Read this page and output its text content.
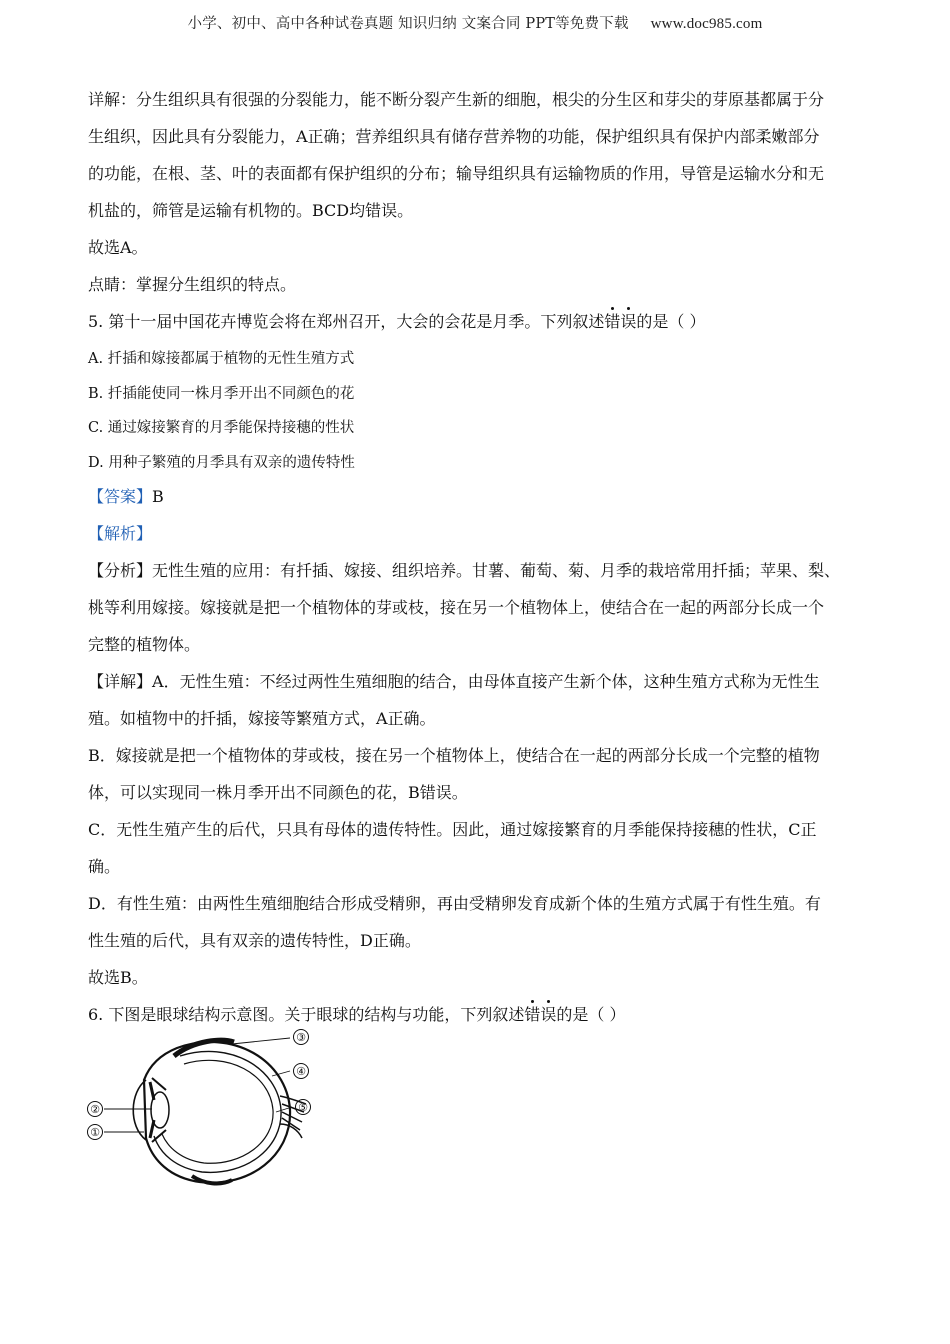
小学、初中、高中各种试卷真题 知识归纳 文案合同 PPT等免费下载 www.doc985.com
详解：分生组织具有很强的分裂能力，能不断分裂产生新的细胞，根尖的分生区和芽尖的芽原基都属于分
生组织，因此具有分裂能力，A正确；营养组织具有储存营养物的功能，保护组织具有保护内部柔嫩部分
的功能，在根、茎、叶的表面都有保护组织的分布；输导组织具有运输物质的作用，导管是运输水分和无
机盐的，筛管是运输有机物的。BCD均错误。
故选A。
点睛：掌握分生组织的特点。
5. 第十一届中国花卉博览会将在郑州召开，大会的会花是月季。下列叙述错误的是（ ）
A. 扦插和嫁接都属于植物的无性生殖方式
B. 扦插能使同一株月季开出不同颜色的花
C. 通过嫁接繁育的月季能保持接穗的性状
D. 用种子繁殖的月季具有双亲的遗传特性
【答案】B
【解析】
【分析】无性生殖的应用：有扦插、嫁接、组织培养。甘薯、葡萄、菊、月季的栽培常用扦插；苹果、梨、
桃等利用嫁接。嫁接就是把一个植物体的芽或枝，接在另一个植物体上，使结合在一起的两部分长成一个
完整的植物体。
【详解】A．无性生殖：不经过两性生殖细胞的结合，由母体直接产生新个体，这种生殖方式称为无性生
殖。如植物中的扦插，嫁接等繁殖方式，A正确。
B．嫁接就是把一个植物体的芽或枝，接在另一个植物体上，使结合在一起的两部分长成一个完整的植物
体，可以实现同一株月季开出不同颜色的花，B错误。
C．无性生殖产生的后代，只具有母体的遗传特性。因此，通过嫁接繁育的月季能保持接穗的性状，C正
确。
D．有性生殖：由两性生殖细胞结合形成受精卵，再由受精卵发育成新个体的生殖方式属于有性生殖。有
性生殖的后代，具有双亲的遗传特性，D正确。
故选B。
6. 下图是眼球结构示意图。关于眼球的结构与功能，下列叙述错误的是（ ）
③
④
⑤
②
①
